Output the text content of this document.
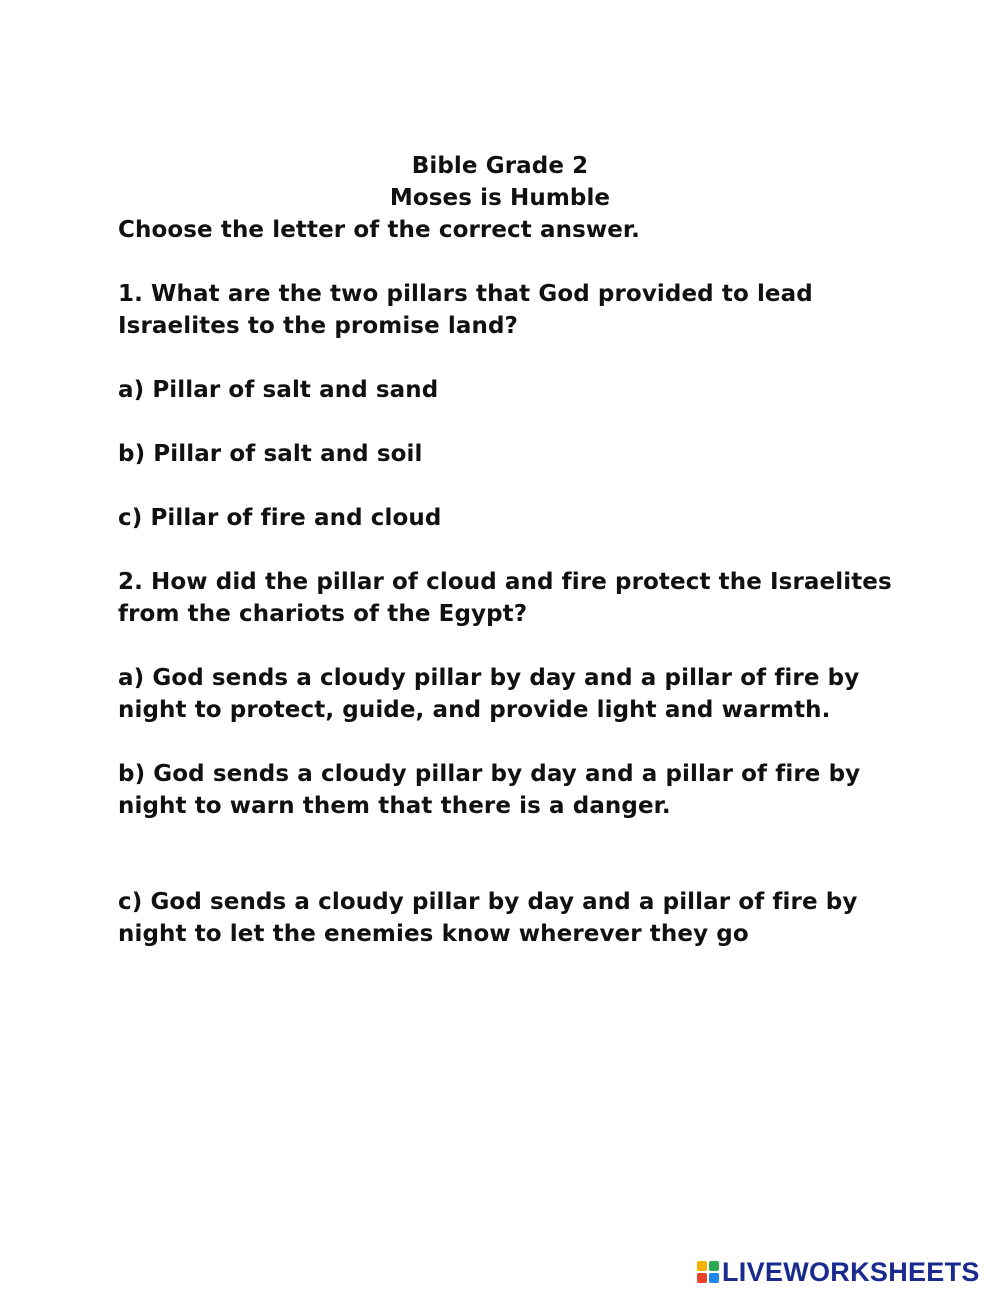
Bible Grade 2
Moses is Humble
Choose the letter of the correct answer.
1. What are the two pillars that God provided to lead
Israelites to the promise land?
a) Pillar of salt and sand
b) Pillar of salt and soil
c) Pillar of fire and cloud
2. How did the pillar of cloud and fire protect the Israelites
from the chariots of the Egypt?
a) God sends a cloudy pillar by day and a pillar of fire by
night to protect, guide, and provide light and warmth.
b) God sends a cloudy pillar by day and a pillar of fire by
night to warn them that there is a danger.
c) God sends a cloudy pillar by day and a pillar of fire by
night to let the enemies know wherever they go
LIVEWORKSHEETS
